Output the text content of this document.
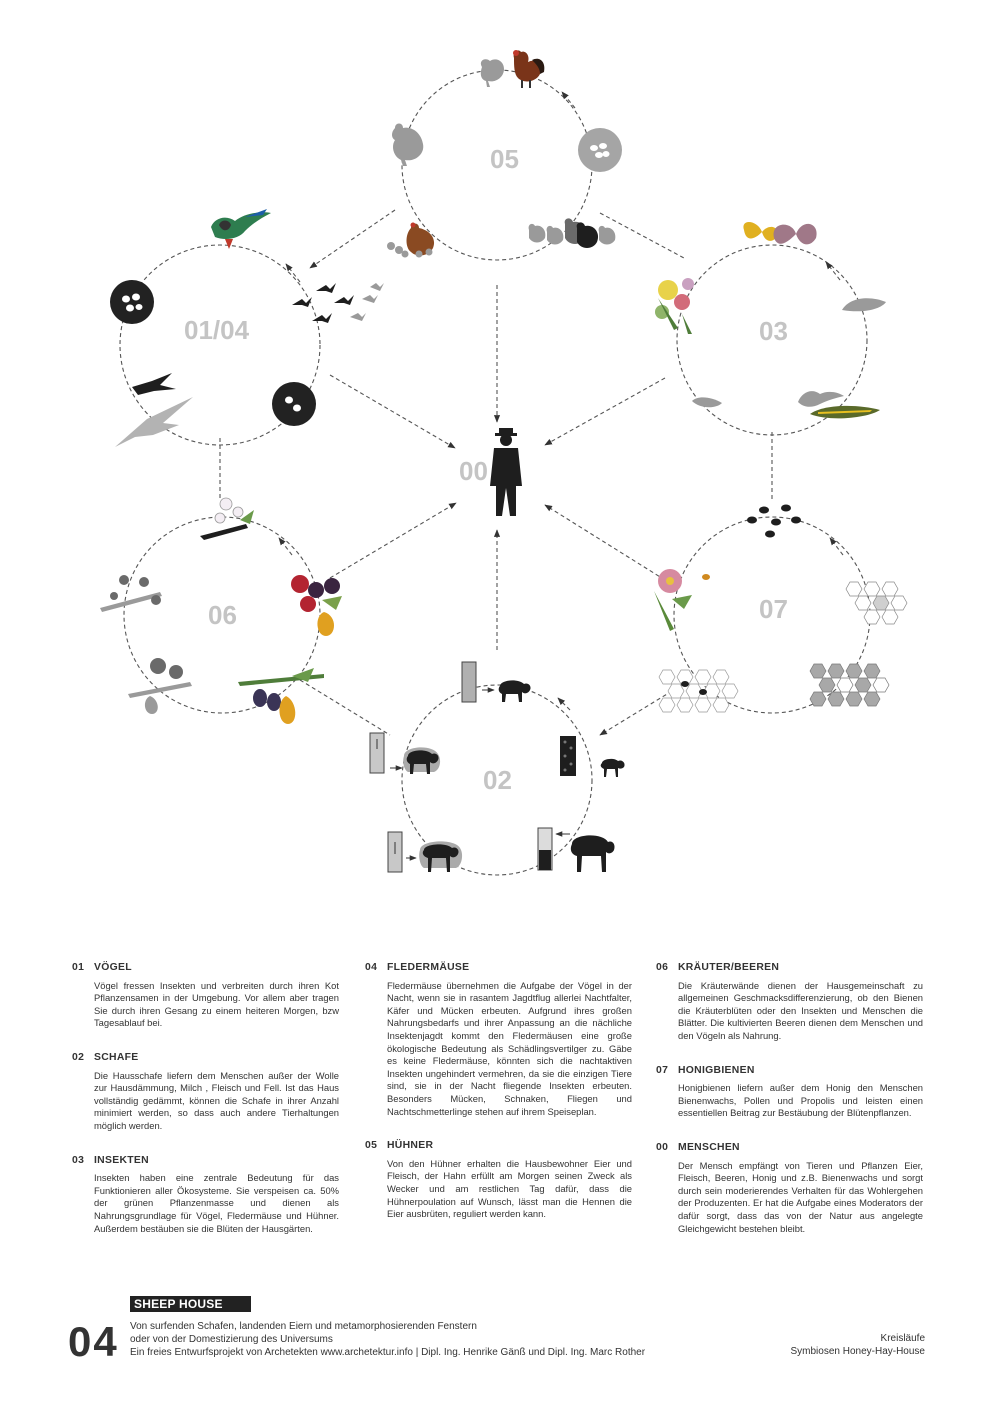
05
01/04	03
06	07
02
00
01 VÖGEL
Vögel fressen Insekten und verbreiten durch ihren Kot Pflanzensamen in der Umgebung. Vor allem aber tragen Sie durch ihren Gesang zu einem heiteren Morgen, bzw Tagesablauf bei.
02 SCHAFE
Die Hausschafe liefern dem Menschen außer der Wolle zur Hausdämmung, Milch , Fleisch und Fell. Ist das Haus vollständig gedämmt, können die Schafe in ihrer Anzahl minimiert werden, so dass auch andere Tierhaltungen möglich werden.
03 INSEKTEN
Insekten haben eine zentrale Bedeutung für das Funktionieren aller Ökosysteme. Sie verspeisen ca. 50% der grünen Pflanzenmasse und dienen als Nahrungsgrundlage für Vögel, Fledermäuse und Hühner. Außerdem bestäuben sie die Blüten der Hausgärten.
04 FLEDERMÄUSE
Fledermäuse übernehmen die Aufgabe der Vögel in der Nacht, wenn sie in rasantem Jagdtflug allerlei Nachtfalter, Käfer und Mücken erbeuten. Aufgrund ihres großen Nahrungsbedarfs und ihrer Anpassung an die nächliche Insektenjagdt kommt den Fledermäusen eine große ökologische Bedeutung als Schädlingsvertilger zu. Gäbe es keine Fledermäuse, könnten sich die nachtaktiven Insekten ungehindert vermehren, da sie die einzigen Tiere sind, sie in der Nacht fliegende Insekten erbeuten. Besonders Mücken, Schnaken, Fliegen und Nachtschmetterlinge stehen auf ihrem Speiseplan.
05 HÜHNER
Von den Hühner erhalten die Hausbewohner Eier und Fleisch, der Hahn erfüllt am Morgen seinen Zweck als Wecker und am restlichen Tag dafür, dass die Hühnerpoulation auf Wunsch, lässt man die Hennen die Eier ausbrüten, reguliert werden kann.
06 KRÄUTER/BEEREN
Die Kräuterwände dienen der Hausgemeinschaft zu allgemeinen Geschmacksdifferenzierung, ob den Bienen die Kräuterblüten oder den Insekten und Menschen die Blätter. Die kultivierten Beeren dienen dem Menschen und den Vögeln als Nahrung.
07 HONIGBIENEN
Honigbienen liefern außer dem Honig den Menschen Bienenwachs, Pollen und Propolis und leisten einen essentiellen Beitrag zur Bestäubung der Blütenpflanzen.
00 MENSCHEN
Der Mensch empfängt von Tieren und Pflanzen Eier, Fleisch, Beeren, Honig und z.B. Bienenwachs und sorgt durch sein moderierendes Verhalten für das Wohlergehen der Produzenten. Er hat die Aufgabe eines Moderators der dafür sorgt, dass das von der Natur aus angelegte Gleichgewicht bestehen bleibt.
SHEEP HOUSE
04 Von surfenden Schafen, landenden Eiern und metamorphosierenden Fenstern
oder von der Domestizierung des Universums
Ein freies Entwurfsprojekt von Archetekten www.archetektur.info | Dipl. Ing. Henrike Gänß und Dipl. Ing. Marc Rother
Kreisläufe
Symbiosen Honey-Hay-House
